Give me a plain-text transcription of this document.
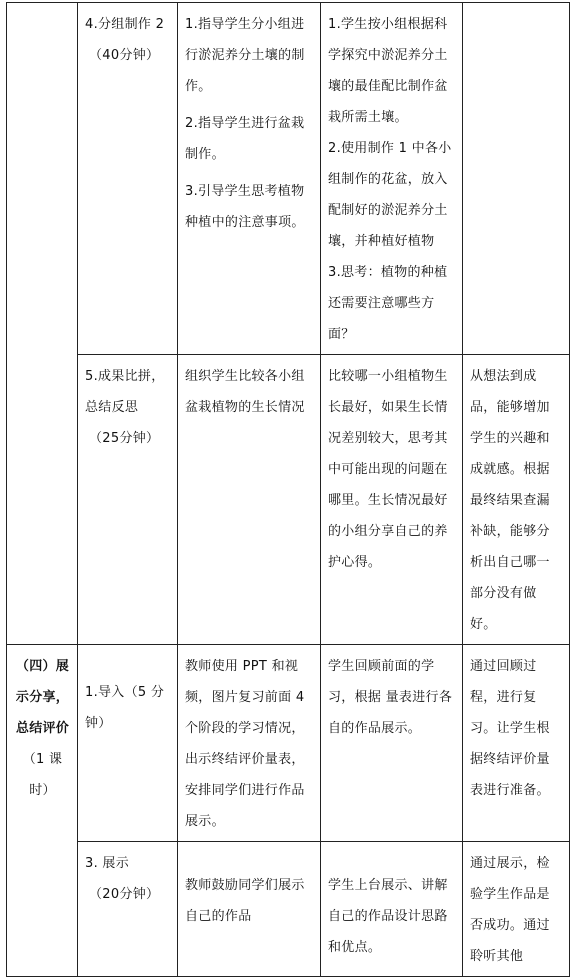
	4.分组制作 2
（40分钟）	1.指导学生分小组进行淤泥养分土壤的制作。
2.指导学生进行盆栽制作。
3.引导学生思考植物种植中的注意事项。	1.学生按小组根据科学探究中淤泥养分土壤的最佳配比制作盆栽所需土壤。
2.使用制作 1 中各小组制作的花盆，放入配制好的淤泥养分土壤，并种植好植物
3.思考：植物的种植还需要注意哪些方面？	

	5.成果比拼，总结反思
（25分钟）	组织学生比较各小组盆栽植物的生长情况	比较哪一小组植物生长最好，如果生长情况差别较大，思考其中可能出现的问题在哪里。生长情况最好的小组分享自己的养护心得。	从想法到成品，能够增加学生的兴趣和成就感。根据最终结果查漏补缺，能够分析出自己哪一部分没有做好。

（四）展示分享，总结评价
（1 课时）	1.导入（5 分钟）	教师使用 PPT 和视频，图片复习前面 4 个阶段的学习情况，出示终结评价量表，安排同学们进行作品展示。	学生回顾前面的学习，根据 量表进行各自的作品展示。	通过回顾过程，进行复习。让学生根据终结评价量表进行准备。

	3. 展示
（20分钟）	教师鼓励同学们展示自己的作品	学生上台展示、讲解自己的作品设计思路和优点。	通过展示，检验学生作品是否成功。通过聆听其他
